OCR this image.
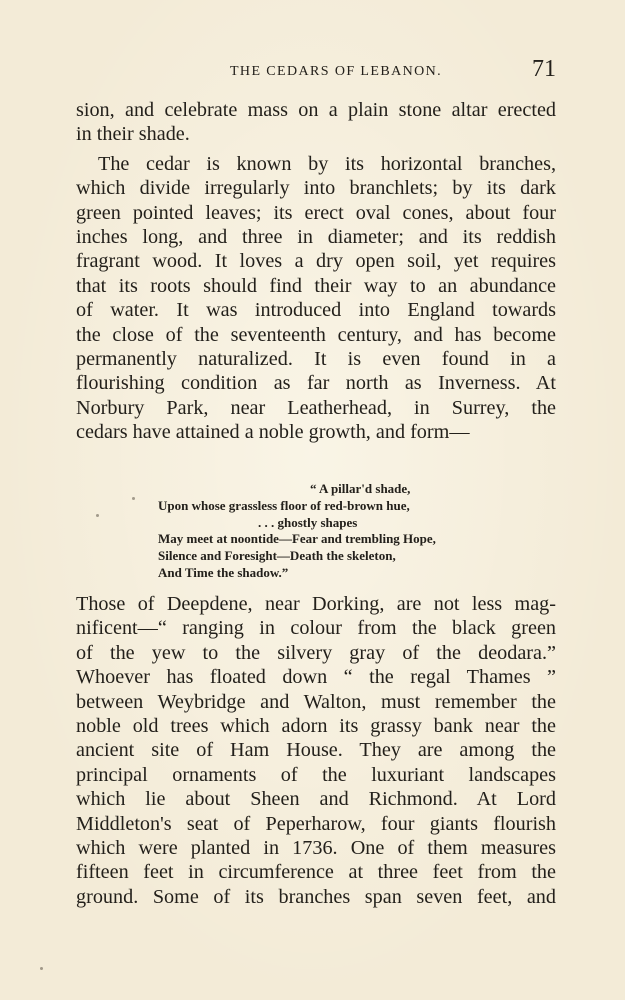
THE CEDARS OF LEBANON.	71
sion, and celebrate mass on a plain stone altar erected
in their shade.
The cedar is known by its horizontal branches,
which divide irregularly into branchlets; by its dark
green pointed leaves; its erect oval cones, about four
inches long, and three in diameter; and its reddish
fragrant wood. It loves a dry open soil, yet requires
that its roots should find their way to an abundance
of water. It was introduced into England towards
the close of the seventeenth century, and has become
permanently naturalized. It is even found in a
flourishing condition as far north as Inverness. At
Norbury Park, near Leatherhead, in Surrey, the
cedars have attained a noble growth, and form—
“ A pillar'd shade,
Upon whose grassless floor of red-brown hue,
. . . ghostly shapes
May meet at noontide—Fear and trembling Hope,
Silence and Foresight—Death the skeleton,
And Time the shadow.”
Those of Deepdene, near Dorking, are not less mag-
nificent—“ ranging in colour from the black green
of the yew to the silvery gray of the deodara.”
Whoever has floated down “ the regal Thames ”
between Weybridge and Walton, must remember the
noble old trees which adorn its grassy bank near the
ancient site of Ham House. They are among the
principal ornaments of the luxuriant landscapes
which lie about Sheen and Richmond. At Lord
Middleton's seat of Peperharow, four giants flourish
which were planted in 1736. One of them measures
fifteen feet in circumference at three feet from the
ground. Some of its branches span seven feet, and
